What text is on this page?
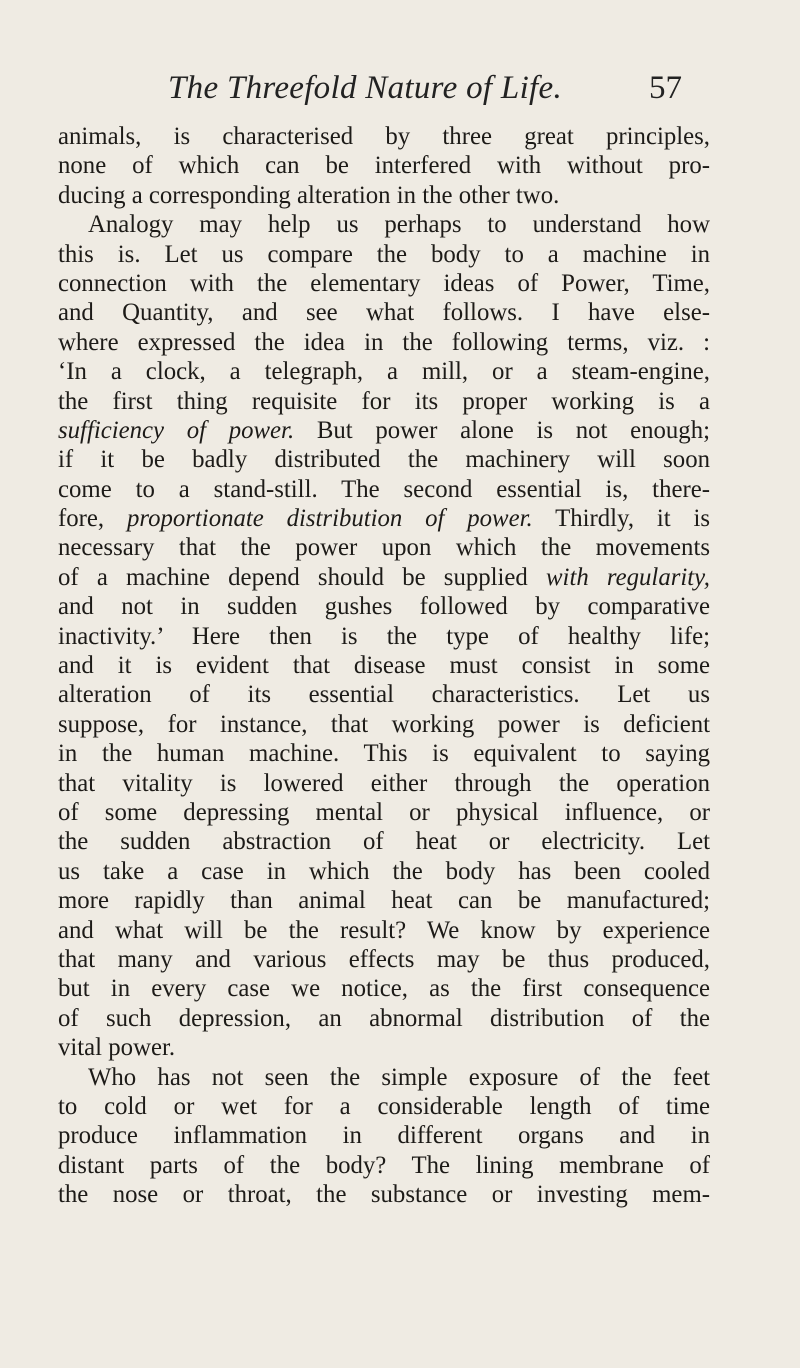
The Threefold Nature of Life.	57
animals, is characterised by three great principles,
none of which can be interfered with without pro-
ducing a corresponding alteration in the other two.
Analogy may help us perhaps to understand how
this is. Let us compare the body to a machine in
connection with the elementary ideas of Power, Time,
and Quantity, and see what follows. I have else-
where expressed the idea in the following terms, viz. :
‘In a clock, a telegraph, a mill, or a steam-engine,
the first thing requisite for its proper working is a
sufficiency of power. But power alone is not enough;
if it be badly distributed the machinery will soon
come to a stand-still. The second essential is, there-
fore, proportionate distribution of power. Thirdly, it is
necessary that the power upon which the movements
of a machine depend should be supplied with regularity,
and not in sudden gushes followed by comparative
inactivity.’ Here then is the type of healthy life;
and it is evident that disease must consist in some
alteration of its essential characteristics. Let us
suppose, for instance, that working power is deficient
in the human machine. This is equivalent to saying
that vitality is lowered either through the operation
of some depressing mental or physical influence, or
the sudden abstraction of heat or electricity. Let
us take a case in which the body has been cooled
more rapidly than animal heat can be manufactured;
and what will be the result? We know by experience
that many and various effects may be thus produced,
but in every case we notice, as the first consequence
of such depression, an abnormal distribution of the
vital power.
Who has not seen the simple exposure of the feet
to cold or wet for a considerable length of time
produce inflammation in different organs and in
distant parts of the body? The lining membrane of
the nose or throat, the substance or investing mem-
